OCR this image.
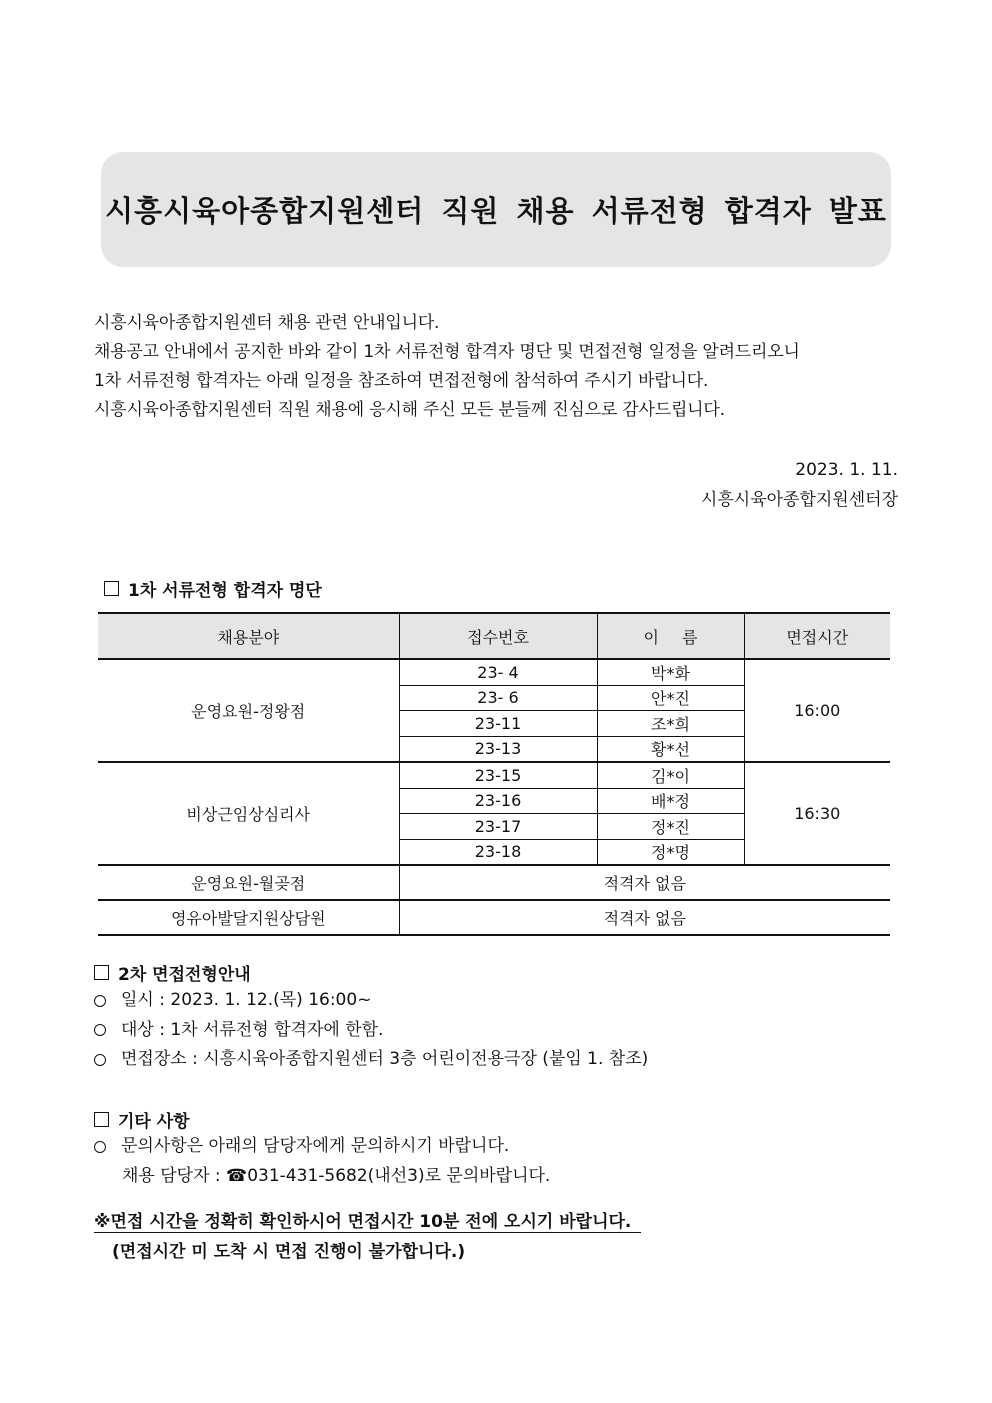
시흥시육아종합지원센터 직원 채용 서류전형 합격자 발표

시흥시육아종합지원센터 채용 관련 안내입니다.

채용공고 안내에서 공지한 바와 같이 1차 서류전형 합격자 명단 및 면접전형 일정을 알려드리오니

1차 서류전형 합격자는 아래 일정을 참조하여 면접전형에 참석하여 주시기 바랍니다.

시흥시육아종합지원센터 직원 채용에 응시해 주신 모든 분들께 진심으로 감사드립니다.

2023. 1. 11.

시흥시육아종합지원센터장

1차 서류전형 합격자 명단
채용분야	접수번호	이 름	면접시간
운영요원-정왕점	23- 4	박*화	16:00
	23- 6	안*진	
	23-11	조*희	
	23-13	황*선	
비상근임상심리사	23-15	김*이	16:30
	23-16	배*정	
	23-17	정*진	
	23-18	정*명	
운영요원-월곶점	적격자 없음		
영유아발달지원상담원	적격자 없음		
2차 면접전형안내

일시 : 2023. 1. 12.(목) 16:00~

대상 : 1차 서류전형 합격자에 한함.

면접장소 : 시흥시육아종합지원센터 3층 어린이전용극장 (붙임 1. 참조)

기타 사항

문의사항은 아래의 담당자에게 문의하시기 바랍니다.

채용 담당자 : ☎031-431-5682(내선3)로 문의바랍니다.

※면접 시간을 정확히 확인하시어 면접시간 10분 전에 오시기 바랍니다.

(면접시간 미 도착 시 면접 진행이 불가합니다.)
